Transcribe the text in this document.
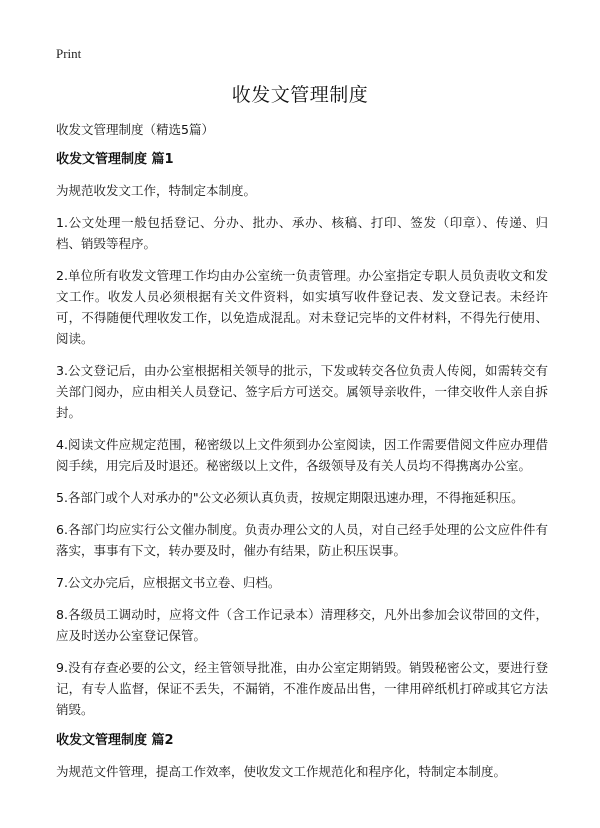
Print
收发文管理制度

收发文管理制度（精选5篇）

收发文管理制度 篇1

为规范收发文工作，特制定本制度。

1.公文处理一般包括登记、分办、批办、承办、核稿、打印、签发（印章）、传递、归档、销毁等程序。

2.单位所有收发文管理工作均由办公室统一负责管理。办公室指定专职人员负责收文和发文工作。收发人员必须根据有关文件资料，如实填写收件登记表、发文登记表。未经许可，不得随便代理收发工作，以免造成混乱。对未登记完毕的文件材料，不得先行使用、阅读。

3.公文登记后，由办公室根据相关领导的批示，下发或转交各位负责人传阅，如需转交有关部门阅办，应由相关人员登记、签字后方可送交。属领导亲收件，一律交收件人亲自拆封。

4.阅读文件应规定范围，秘密级以上文件须到办公室阅读，因工作需要借阅文件应办理借阅手续，用完后及时退还。秘密级以上文件，各级领导及有关人员均不得携离办公室。

5.各部门或个人对承办的"公文必须认真负责，按规定期限迅速办理，不得拖延积压。

6.各部门均应实行公文催办制度。负责办理公文的人员，对自己经手处理的公文应件件有落实，事事有下文，转办要及时，催办有结果，防止积压误事。

7.公文办完后，应根据文书立卷、归档。

8.各级员工调动时，应将文件（含工作记录本）清理移交，凡外出参加会议带回的文件，应及时送办公室登记保管。

9.没有存查必要的公文，经主管领导批准，由办公室定期销毁。销毁秘密公文，要进行登记，有专人监督，保证不丢失，不漏销，不准作废品出售，一律用碎纸机打碎或其它方法销毁。

收发文管理制度 篇2

为规范文件管理，提高工作效率，使收发文工作规范化和程序化，特制定本制度。
